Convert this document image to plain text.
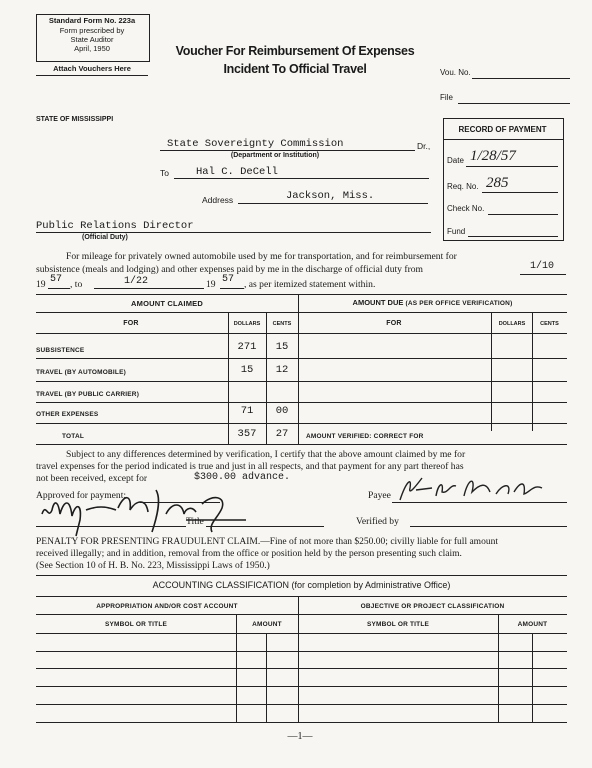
Standard Form No. 223a
Form prescribed by
State Auditor
April, 1950
Attach Vouchers Here
Voucher For Reimbursement Of Expenses
Incident To Official Travel	Vou. No.
File
STATE OF MISSISSIPPI
RECORD OF PAYMENT
Date 1/28/57
Req. No. 285
Check No.
Fund
State Sovereignty Commission	Dr.,
(Department or Institution)
To	Hal C. DeCell
Address	Jackson, Miss.
Public Relations Director
(Official Duty)
For mileage for privately owned automobile used by me for transportation, and for reimbursement for
subsistence (meals and lodging) and other expenses paid by me in the discharge of official duty from	1/10
19 57 , to	1/22	19 57 , as per itemized statement within.
AMOUNT CLAIMED	AMOUNT DUE (AS PER OFFICE VERIFICATION)
FOR	DOLLARS	CENTS	FOR	DOLLARS	CENTS
SUBSISTENCE	271	15
TRAVEL (BY AUTOMOBILE)	15	12
TRAVEL (BY PUBLIC CARRIER)
OTHER EXPENSES	71	00
TOTAL	357	27	AMOUNT VERIFIED: CORRECT FOR
Subject to any differences determined by verification, I certify that the above amount claimed by me for
travel expenses for the period indicated is true and just in all respects, and that payment for any part thereof has
not been received, except for	$300.00 advance.
Approved for payment:	Payee
Title	Verified by
PENALTY FOR PRESENTING FRAUDULENT CLAIM.—Fine of not more than $250.00; civilly liable for full amount
received illegally; and in addition, removal from the office or position held by the person presenting such claim.
(See Section 10 of H. B. No. 223, Mississippi Laws of 1950.)
ACCOUNTING CLASSIFICATION (for completion by Administrative Office)
APPROPRIATION AND/OR COST ACCOUNT	OBJECTIVE OR PROJECT CLASSIFICATION
SYMBOL OR TITLE	AMOUNT	SYMBOL OR TITLE	AMOUNT
—1—
